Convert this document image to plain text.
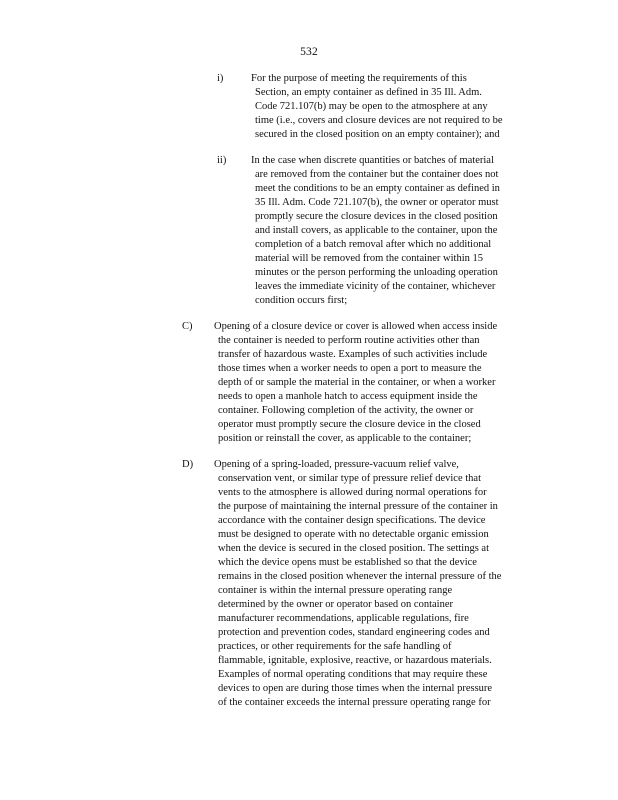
532
i)	For the purpose of meeting the requirements of this
Section, an empty container as defined in 35 Ill. Adm.
Code 721.107(b) may be open to the atmosphere at any
time (i.e., covers and closure devices are not required to be
secured in the closed position on an empty container); and
ii) In the case when discrete quantities or batches of material
are removed from the container but the container does not
meet the conditions to be an empty container as defined in
35 Ill. Adm. Code 721.107(b), the owner or operator must
promptly secure the closure devices in the closed position
and install covers, as applicable to the container, upon the
completion of a batch removal after which no additional
material will be removed from the container within 15
minutes or the person performing the unloading operation
leaves the immediate vicinity of the container, whichever
condition occurs first;
C) Opening of a closure device or cover is allowed when access inside
the container is needed to perform routine activities other than
transfer of hazardous waste. Examples of such activities include
those times when a worker needs to open a port to measure the
depth of or sample the material in the container, or when a worker
needs to open a manhole hatch to access equipment inside the
container. Following completion of the activity, the owner or
operator must promptly secure the closure device in the closed
position or reinstall the cover, as applicable to the container;
D) Opening of a spring-loaded, pressure-vacuum relief valve,
conservation vent, or similar type of pressure relief device that
vents to the atmosphere is allowed during normal operations for
the purpose of maintaining the internal pressure of the container in
accordance with the container design specifications. The device
must be designed to operate with no detectable organic emission
when the device is secured in the closed position. The settings at
which the device opens must be established so that the device
remains in the closed position whenever the internal pressure of the
container is within the internal pressure operating range
determined by the owner or operator based on container
manufacturer recommendations, applicable regulations, fire
protection and prevention codes, standard engineering codes and
practices, or other requirements for the safe handling of
flammable, ignitable, explosive, reactive, or hazardous materials.
Examples of normal operating conditions that may require these
devices to open are during those times when the internal pressure
of the container exceeds the internal pressure operating range for
